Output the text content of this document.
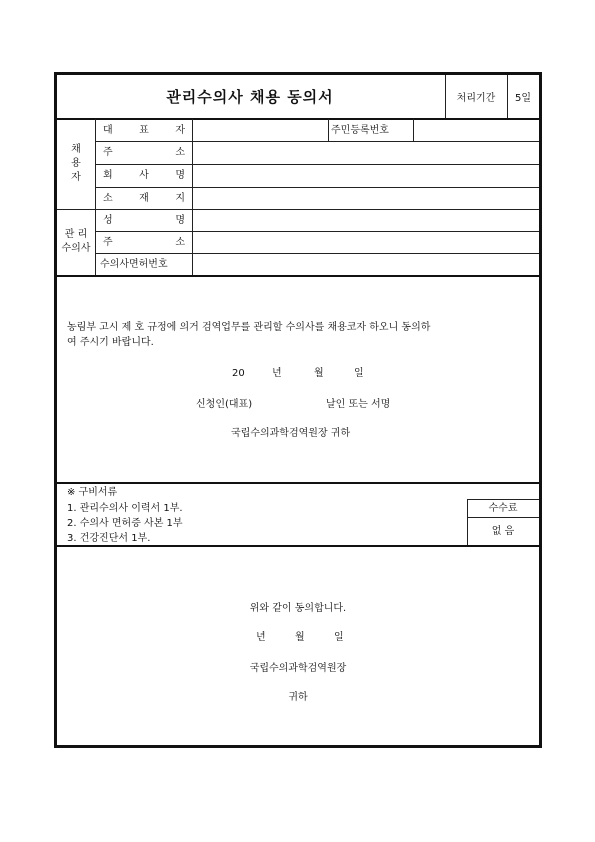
관리수의사 채용 동의서	처리기간	5일
채
용
자
대	표	자	주민등록번호
주	소
회	사	명
소	재	지
관 리
수의사
성	명
주	소
수의사면허번호
농림부 고시 제 호 규정에 의거 검역업무를 관리할 수의사를 채용코자 하오니 동의하
여 주시기 바랍니다.
20	년	월	일
신청인(대표)	날인 또는 서명
국립수의과학검역원장 귀하
※ 구비서류
1. 관리수의사 이력서 1부.
2. 수의사 면허증 사본 1부
3. 건강진단서 1부.
수수료
없 음
위와 같이 동의합니다.
년	월	일
국립수의과학검역원장
귀하
